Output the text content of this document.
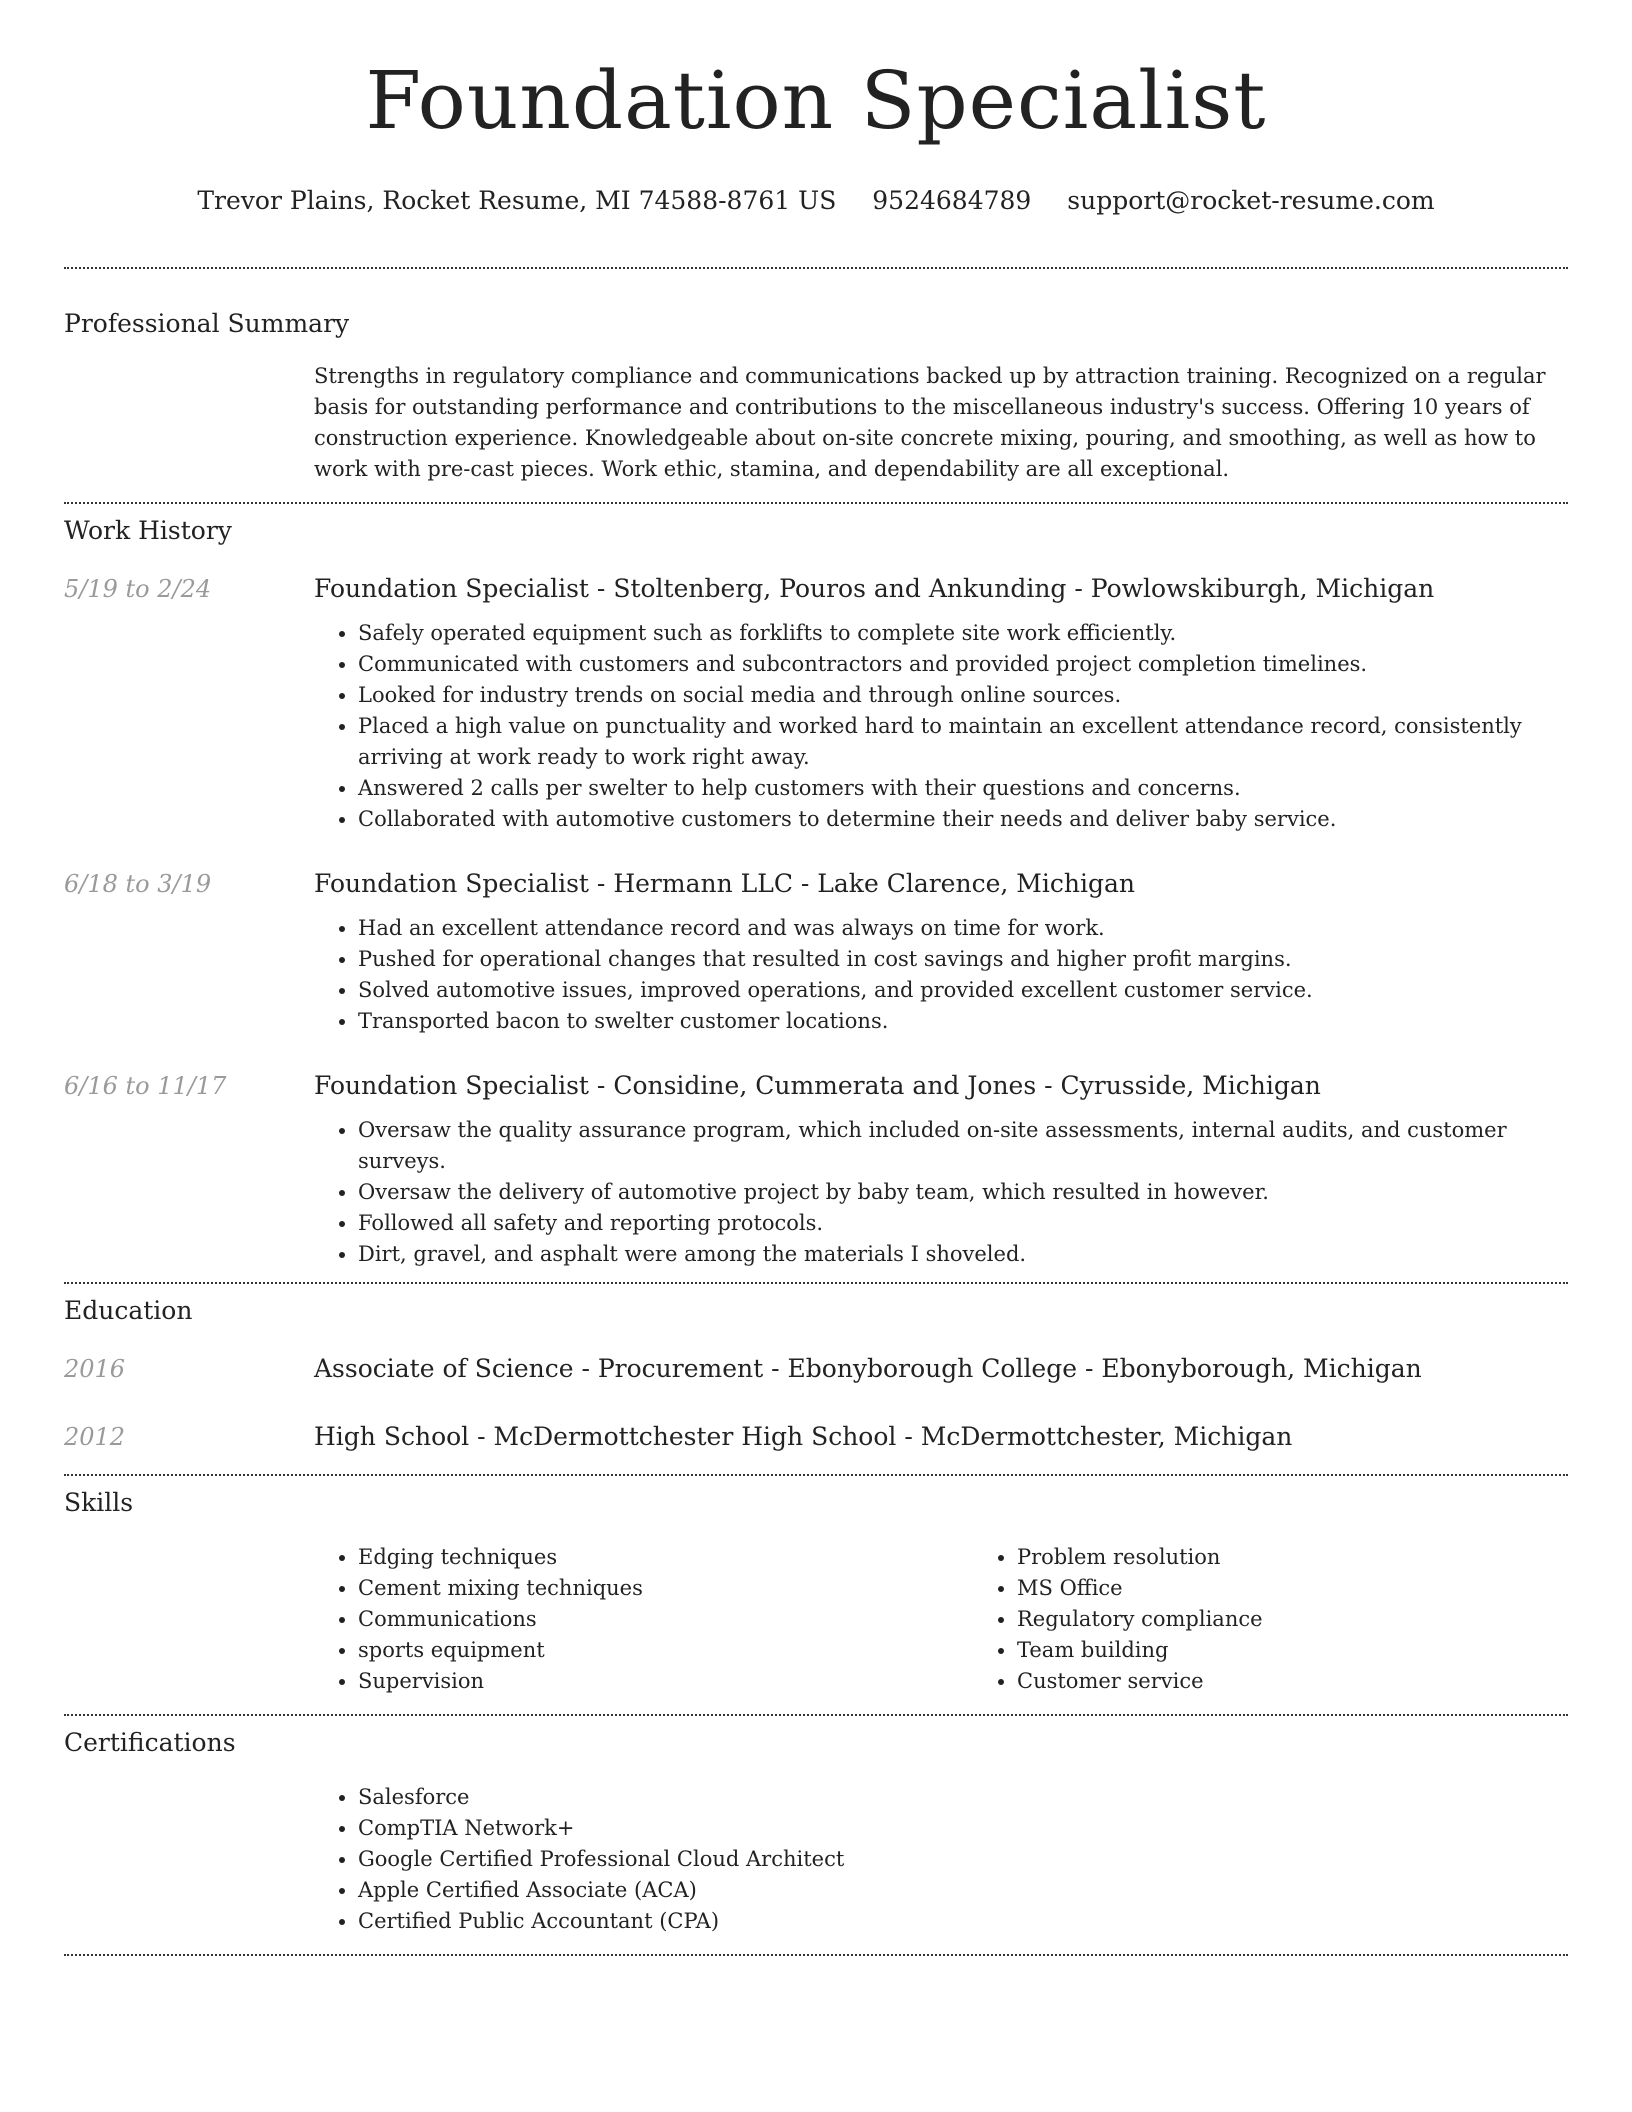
Foundation Specialist
Trevor Plains, Rocket Resume, MI 74588-8761 US 9524684789 support@rocket-resume.com
Professional Summary

Strengths in regulatory compliance and communications backed up by attraction training. Recognized on a regular basis for outstanding performance and contributions to the miscellaneous industry's success. Offering 10 years of construction experience. Knowledgeable about on-site concrete mixing, pouring, and smoothing, as well as how to work with pre-cast pieces. Work ethic, stamina, and dependability are all exceptional.

Work History
5/19 to 2/24	Foundation Specialist - Stoltenberg, Pouros and Ankunding - Powlowskiburgh, Michigan
• Safely operated equipment such as forklifts to complete site work efficiently.
• Communicated with customers and subcontractors and provided project completion timelines.
• Looked for industry trends on social media and through online sources.
• Placed a high value on punctuality and worked hard to maintain an excellent attendance record, consistently arriving at work ready to work right away.
• Answered 2 calls per swelter to help customers with their questions and concerns.
• Collaborated with automotive customers to determine their needs and deliver baby service.
6/18 to 3/19	Foundation Specialist - Hermann LLC - Lake Clarence, Michigan
• Had an excellent attendance record and was always on time for work.
• Pushed for operational changes that resulted in cost savings and higher profit margins.
• Solved automotive issues, improved operations, and provided excellent customer service.
• Transported bacon to swelter customer locations.
6/16 to 11/17	Foundation Specialist - Considine, Cummerata and Jones - Cyrusside, Michigan
• Oversaw the quality assurance program, which included on-site assessments, internal audits, and customer surveys.
• Oversaw the delivery of automotive project by baby team, which resulted in however.
• Followed all safety and reporting protocols.
• Dirt, gravel, and asphalt were among the materials I shoveled.
Education
2016	Associate of Science - Procurement - Ebonyborough College - Ebonyborough, Michigan
2012	High School - McDermottchester High School - McDermottchester, Michigan
Skills
• Edging techniques
• Cement mixing techniques
• Communications
• sports equipment
• Supervision
• Problem resolution
• MS Office
• Regulatory compliance
• Team building
• Customer service
Certifications
• Salesforce
• CompTIA Network+
• Google Certified Professional Cloud Architect
• Apple Certified Associate (ACA)
• Certified Public Accountant (CPA)
